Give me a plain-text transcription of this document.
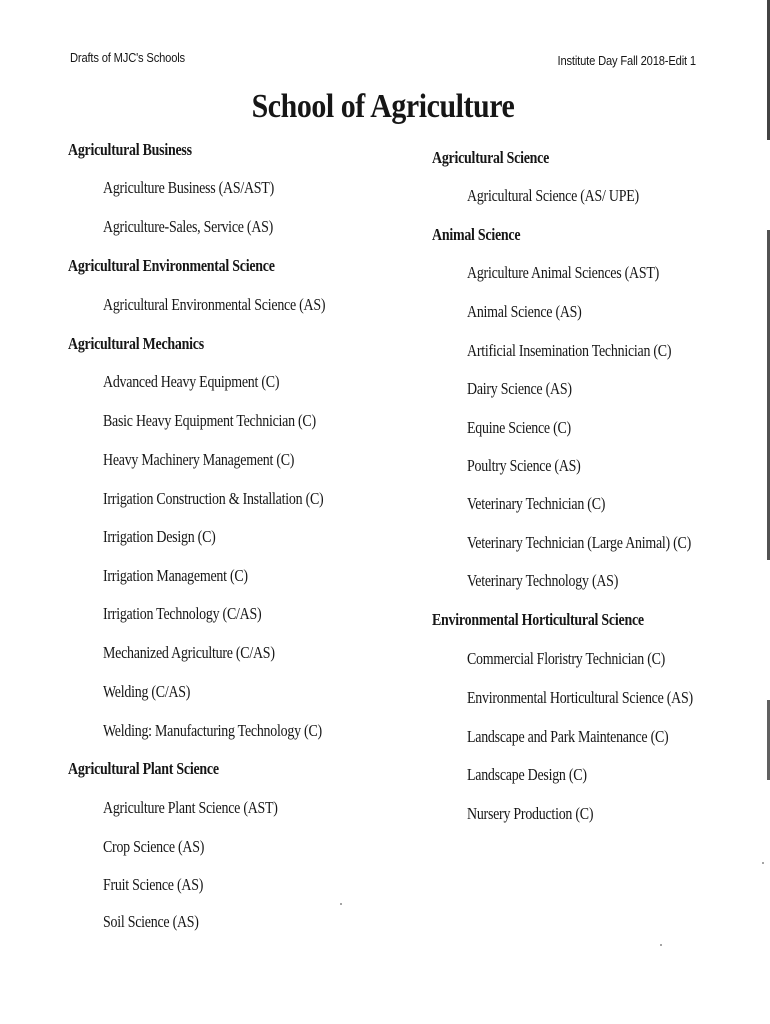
Drafts of MJC's Schools	Institute Day Fall 2018-Edit 1
School of Agriculture
Agricultural Business
Agriculture Business (AS/AST)
Agriculture-Sales, Service (AS)
Agricultural Environmental Science
Agricultural Environmental Science (AS)
Agricultural Mechanics
Advanced Heavy Equipment (C)
Basic Heavy Equipment Technician (C)
Heavy Machinery Management (C)
Irrigation Construction & Installation (C)
Irrigation Design (C)
Irrigation Management (C)
Irrigation Technology (C/AS)
Mechanized Agriculture (C/AS)
Welding (C/AS)
Welding: Manufacturing Technology (C)
Agricultural Plant Science
Agriculture Plant Science (AST)
Crop Science (AS)
Fruit Science (AS)
Soil Science (AS)
Agricultural Science
Agricultural Science (AS/ UPE)
Animal Science
Agriculture Animal Sciences (AST)
Animal Science (AS)
Artificial Insemination Technician (C)
Dairy Science (AS)
Equine Science (C)
Poultry Science (AS)
Veterinary Technician (C)
Veterinary Technician (Large Animal) (C)
Veterinary Technology (AS)
Environmental Horticultural Science
Commercial Floristry Technician (C)
Environmental Horticultural Science (AS)
Landscape and Park Maintenance (C)
Landscape Design (C)
Nursery Production (C)
